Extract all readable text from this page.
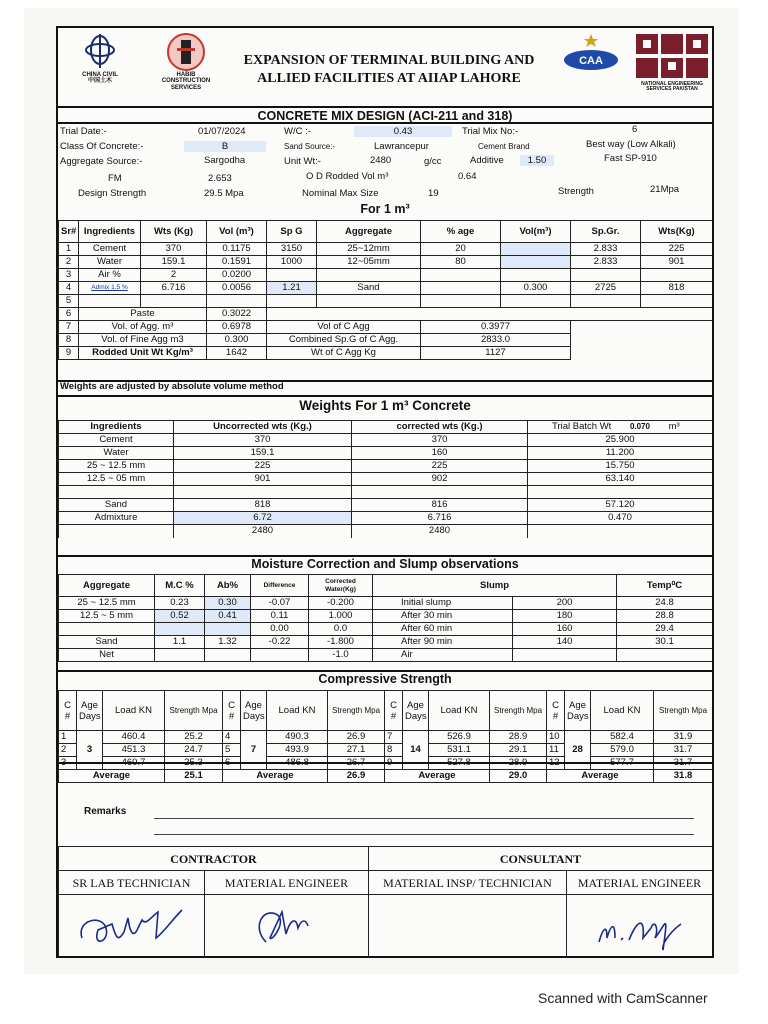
CHINA CIVIL
中国土木
HABIB CONSTRUCTION SERVICES
EXPANSION OF TERMINAL BUILDING AND
ALLIED FACILITIES AT AIIAP LAHORE
CAA
NATIONAL ENGINEERING SERVICES PAKISTAN
CONCRETE MIX DESIGN (ACI-211 and 318)
Trial Date:-	01/07/2024	W/C :-	0.43	Trial Mix No:-	6
Class Of Concrete:-	B	Sand Source:-	Lawrancepur	Cement Brand	Best way (Low Alkali)
Aggregate Source:-	Sargodha	Unit Wt:-	2480	g/cc	Additive	1.50	Fast SP-910
FM	2.653	O D Rodded Vol m³	0.64
Design Strength	29.5 Mpa	Nominal Max Size	19	Strength	21Mpa
For 1 m³
Sr#	Ingredients	Wts (Kg)	Vol (m³)	Sp G	Aggregate	% age	Vol(m³)	Sp.Gr.	Wts(Kg)
1	Cement	370	0.1175	3150	25~12mm	20		2.833	225
2	Water	159.1	0.1591	1000	12~05mm	80		2.833	901
3	Air %	2	0.0200						
4	Admix 1.5 %	6.716	0.0056	1.21	Sand		0.300	2725	818
5									
6	Paste		0.3022						
7	Vol. of Agg. m³		0.6978	Vol of C Agg		0.3977			
8	Vol. of Fine Agg m3		0.300	Combined Sp.G of C Agg.		2833.0			
9	Rodded Unit Wt Kg/m³		1642	Wt of C Agg Kg		1127			
Weights are adjusted by absolute volume method
Weights For 1 m³ Concrete
Ingredients	Uncorrected wts (Kg.)	corrected wts (Kg.)	Trial Batch Wt 0.070 m³
Cement	370	370	25.900
Water	159.1	160	11.200
25 ~ 12.5 mm	225	225	15.750
12.5 ~ 05 mm	901	902	63.140

Sand	818	816	57.120
Admixture	6.72	6.716	0.470
	2480	2480	
Moisture Correction and Slump observations
Aggregate	M.C %	Ab%	Difference	Corrected Water(Kg)	Slump		Temp⁰C
25 ~ 12.5 mm	0.23	0.30	-0.07	-0.200	Initial slump	200	24.8
12.5 ~ 5 mm	0.52	0.41	0.11	1.000	After 30 min	180	28.8
			0.00	0.0	After 60 min	160	29.4
Sand	1.1	1.32	-0.22	-1.800	After 90 min	140	30.1
Net				-1.0	Air		
Compressive Strength
C #	Age Days	Load KN	Strength Mpa	C #	Age Days	Load KN	Strength Mpa	C #	Age Days	Load KN	Strength Mpa	C #	Age Days	Load KN	Strength Mpa
1	3	460.4	25.2	4	7	490.3	26.9	7	14	526.9	28.9	10	28	582.4	31.9
2		451.3	24.7	5		493.9	27.1	8		531.1	29.1	11		579.0	31.7
3		460.7	25.3	6		486.8	26.7	9		527.8	28.9	12		577.7	31.7
Average			25.1	Average			26.9	Average			29.0	Average			31.8
Remarks
CONTRACTOR		CONSULTANT	
SR LAB TECHNICIAN	MATERIAL ENGINEER	MATERIAL INSP/ TECHNICIAN	MATERIAL ENGINEER

Scanned with CamScanner
